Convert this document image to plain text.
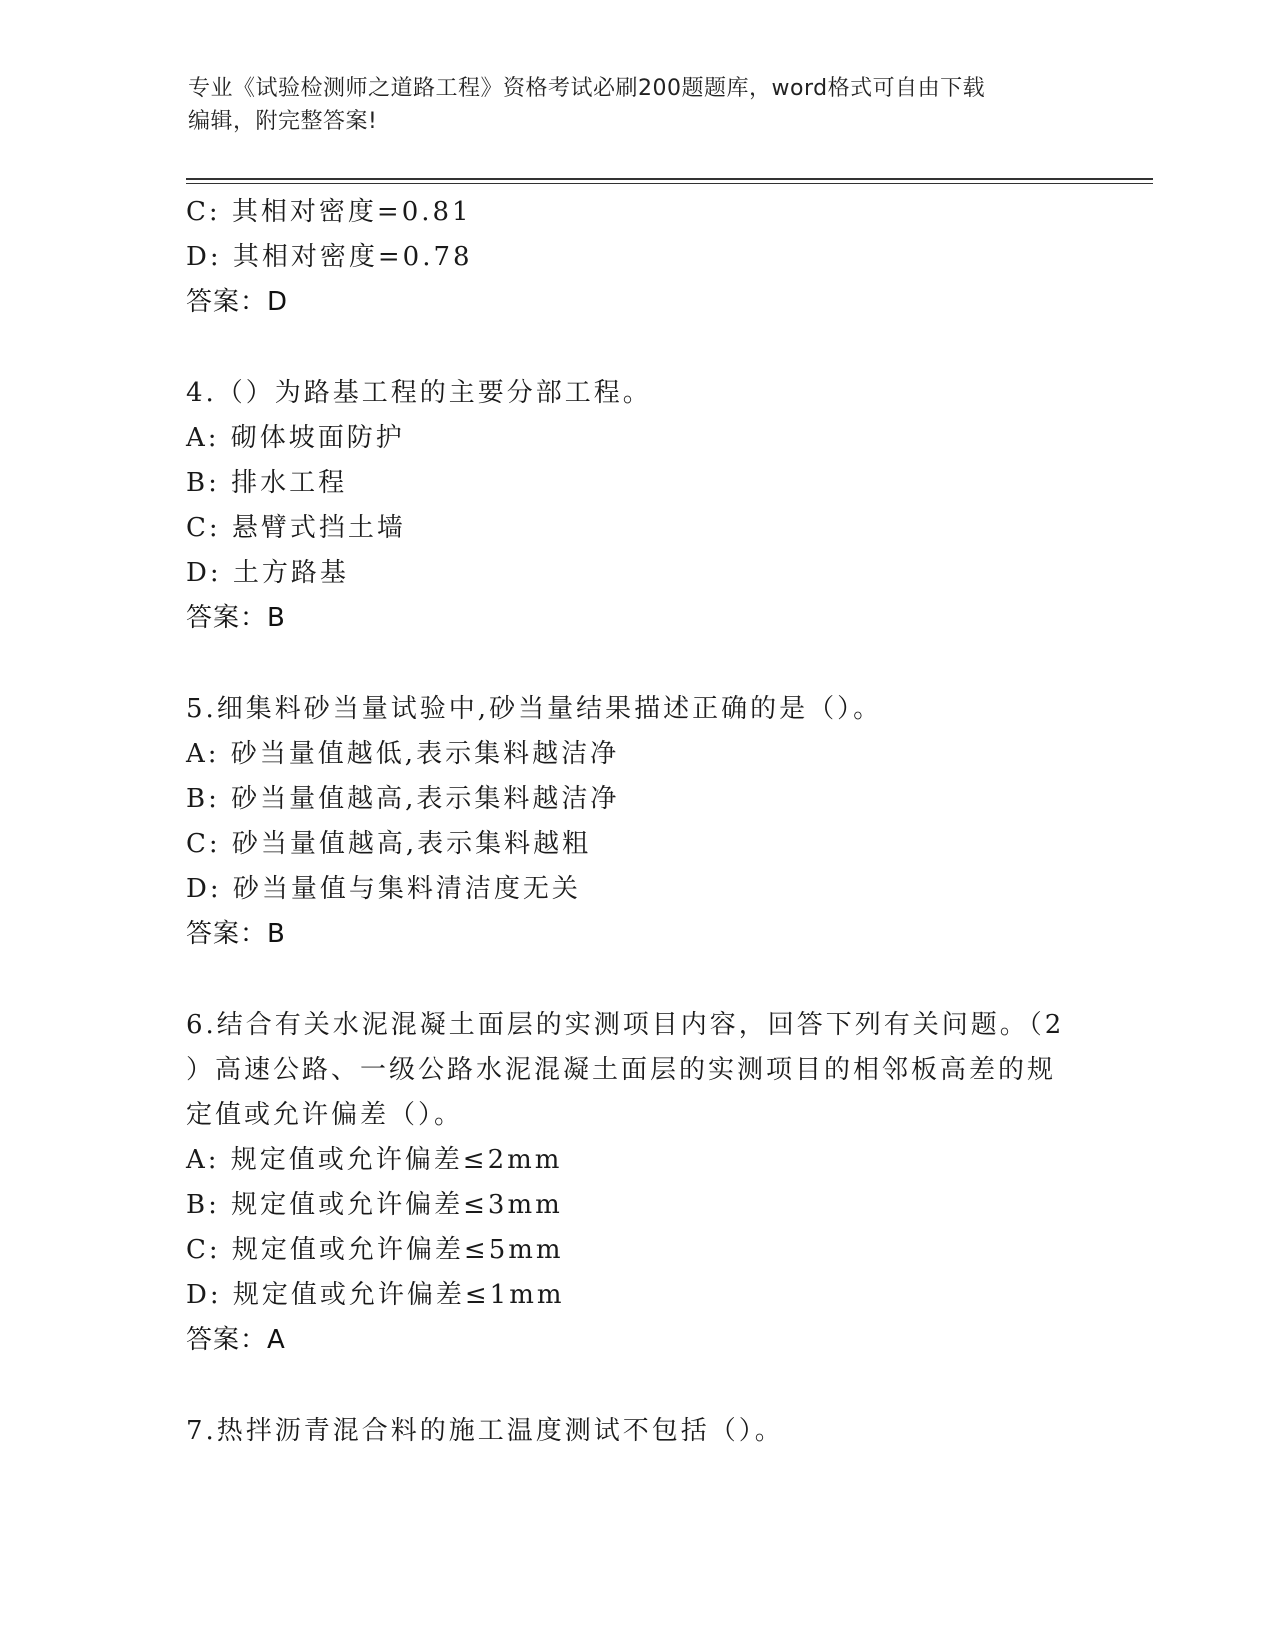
专业《试验检测师之道路工程》资格考试必刷200题题库，word格式可自由下载
编辑，附完整答案!
C: 其相对密度=0.81
D: 其相对密度=0.78
答案：D
4.（）为路基工程的主要分部工程。
A: 砌体坡面防护
B: 排水工程
C: 悬臂式挡土墙
D: 土方路基
答案：B
5.细集料砂当量试验中,砂当量结果描述正确的是（）。
A: 砂当量值越低,表示集料越洁净
B: 砂当量值越高,表示集料越洁净
C: 砂当量值越高,表示集料越粗
D: 砂当量值与集料清洁度无关
答案：B
6.结合有关水泥混凝土面层的实测项目内容，回答下列有关问题。（2
）高速公路、一级公路水泥混凝土面层的实测项目的相邻板高差的规
定值或允许偏差（）。
A: 规定值或允许偏差≤2mm
B: 规定值或允许偏差≤3mm
C: 规定值或允许偏差≤5mm
D: 规定值或允许偏差≤1mm
答案：A
7.热拌沥青混合料的施工温度测试不包括（）。
